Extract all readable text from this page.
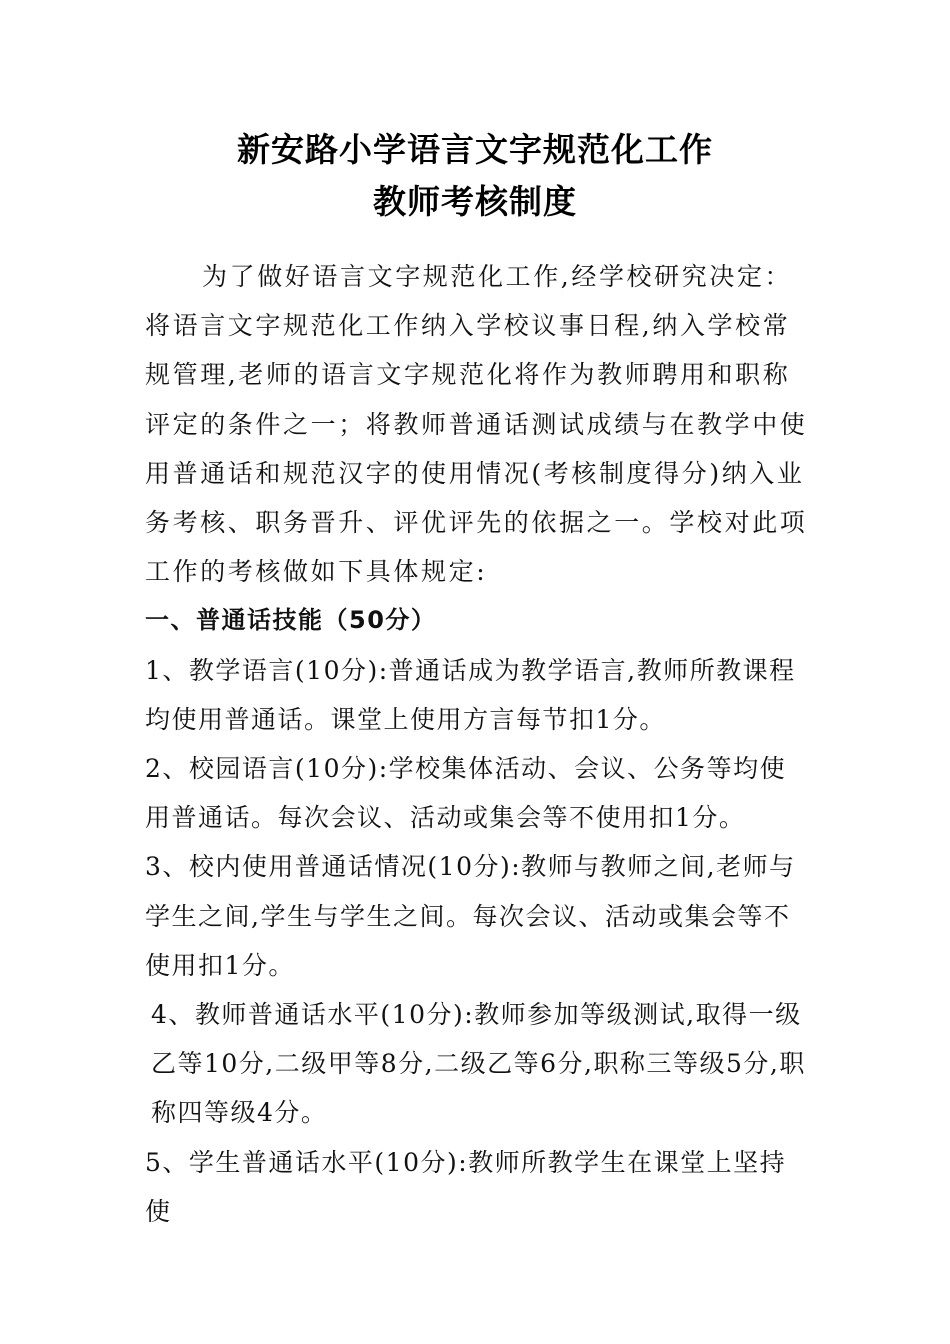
新安路小学语言文字规范化工作
教师考核制度

为了做好语言文字规范化工作,经学校研究决定：将语言文字规范化工作纳入学校议事日程,纳入学校常规管理,老师的语言文字规范化将作为教师聘用和职称评定的条件之一；将教师普通话测试成绩与在教学中使用普通话和规范汉字的使用情况(考核制度得分)纳入业务考核、职务晋升、评优评先的依据之一。学校对此项工作的考核做如下具体规定:

一、普通话技能（50分）

1、教学语言(10分):普通话成为教学语言,教师所教课程均使用普通话。课堂上使用方言每节扣1分。

2、校园语言(10分):学校集体活动、会议、公务等均使用普通话。每次会议、活动或集会等不使用扣1分。

3、校内使用普通话情况(10分):教师与教师之间,老师与学生之间,学生与学生之间。每次会议、活动或集会等不使用扣1分。

4、教师普通话水平(10分):教师参加等级测试,取得一级乙等10分,二级甲等8分,二级乙等6分,职称三等级5分,职称四等级4分。

5、学生普通话水平(10分):教师所教学生在课堂上坚持使
